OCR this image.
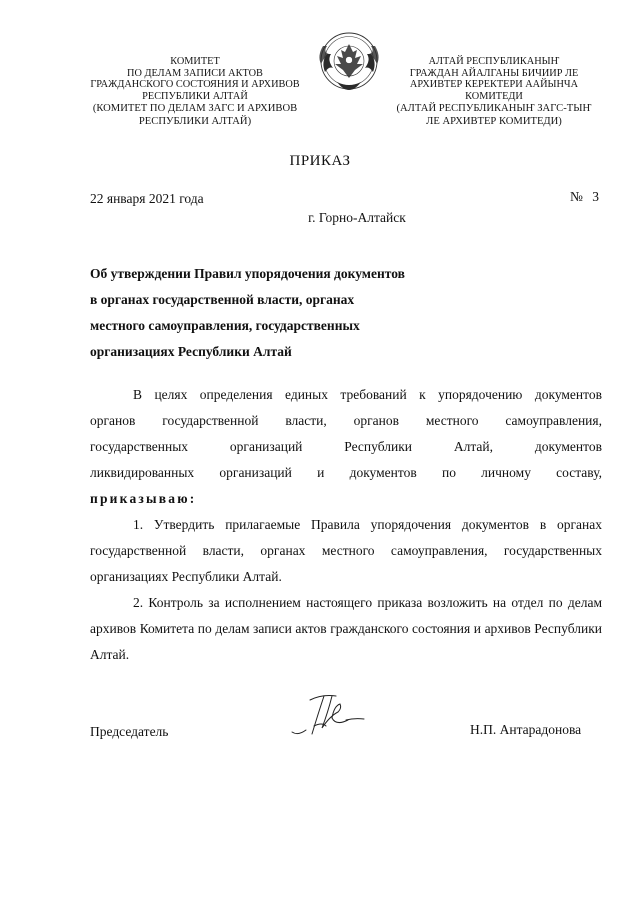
КОМИТЕТ
ПО ДЕЛАМ ЗАПИСИ АКТОВ
ГРАЖДАНСКОГО СОСТОЯНИЯ И АРХИВОВ
РЕСПУБЛИКИ АЛТАЙ
(КОМИТЕТ ПО ДЕЛАМ ЗАГС И АРХИВОВ
РЕСПУБЛИКИ АЛТАЙ)
АЛТАЙ РЕСПУБЛИКАНЫҤ
ГРАЖДАН АЙАЛГАНЫ БИЧИИР ЛЕ
АРХИВТЕР КЕРЕКТЕРИ ААЙЫНЧА
КОМИТЕДИ
(АЛТАЙ РЕСПУБЛИКАНЫҤ ЗАГС-ТЫҤ
ЛЕ АРХИВТЕР КОМИТЕДИ)
ПРИКАЗ
22 января 2021 года	№ 3
г. Горно-Алтайск
Об утверждении Правил упорядочения документов
в органах государственной власти, органах
местного самоуправления, государственных
организациях Республики Алтай
В целях определения единых требований к упорядочению документов
органов государственной власти, органов местного самоуправления,
государственных организаций Республики Алтай, документов
ликвидированных организаций и документов по личному составу,
приказываю:
1. Утвердить прилагаемые Правила упорядочения документов в органах государственной власти, органах местного самоуправления, государственных организациях Республики Алтай.
2. Контроль за исполнением настоящего приказа возложить на отдел по делам архивов Комитета по делам записи актов гражданского состояния и архивов Республики Алтай.
Председатель	Н.П. Антарадонова
